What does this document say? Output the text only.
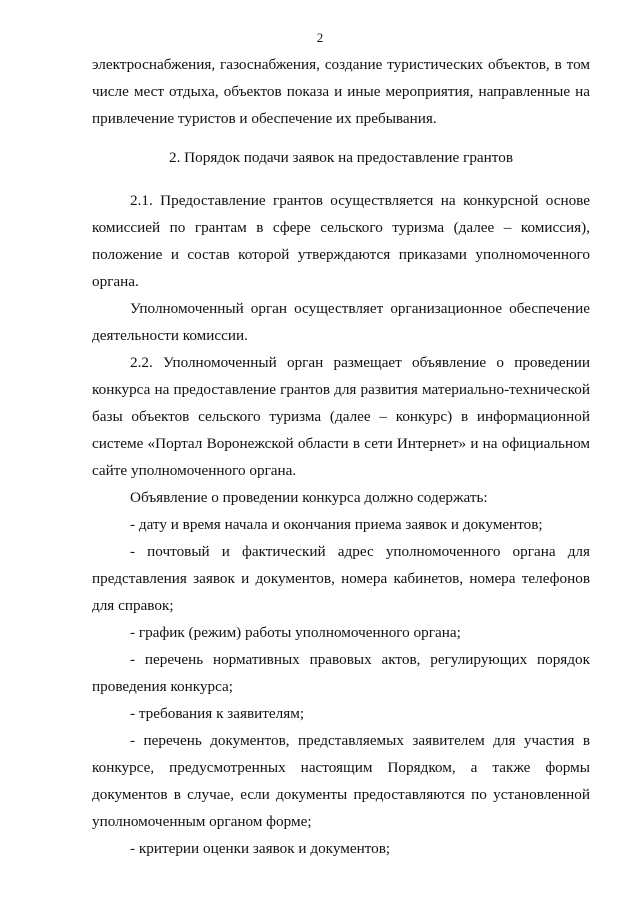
2

электроснабжения, газоснабжения, создание туристических объектов, в том числе мест отдыха, объектов показа и иные мероприятия, направленные на привлечение туристов и обеспечение их пребывания.

2. Порядок подачи заявок на предоставление грантов

2.1. Предоставление грантов осуществляется на конкурсной основе комиссией по грантам в сфере сельского туризма (далее – комиссия), положение и состав которой утверждаются приказами уполномоченного органа.

Уполномоченный орган осуществляет организационное обеспечение деятельности комиссии.

2.2. Уполномоченный орган размещает объявление о проведении конкурса на предоставление грантов для развития материально-технической базы объектов сельского туризма (далее – конкурс) в информационной системе «Портал Воронежской области в сети Интернет» и на официальном сайте уполномоченного органа.

Объявление о проведении конкурса должно содержать:

- дату и время начала и окончания приема заявок и документов;

- почтовый и фактический адрес уполномоченного органа для представления заявок и документов, номера кабинетов, номера телефонов для справок;

- график (режим) работы уполномоченного органа;

- перечень нормативных правовых актов, регулирующих порядок проведения конкурса;

- требования к заявителям;

- перечень документов, представляемых заявителем для участия в конкурсе, предусмотренных настоящим Порядком, а также формы документов в случае, если документы предоставляются по установленной уполномоченным органом форме;

- критерии оценки заявок и документов;
